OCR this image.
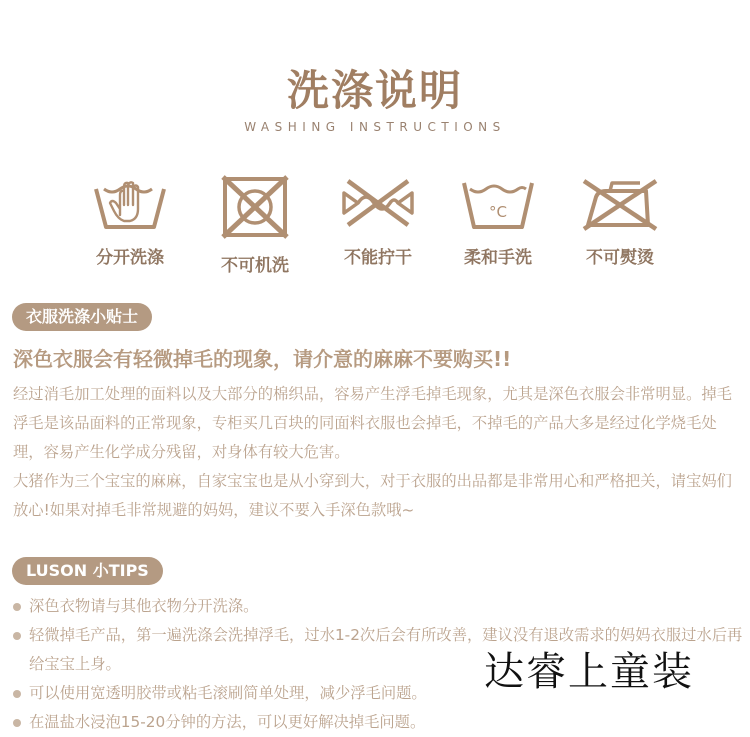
洗涤说明
WASHING INSTRUCTIONS
分开洗涤	不可机洗	不能拧干
°C
柔和手洗	不可熨烫
衣服洗涤小贴士
深色衣服会有轻微掉毛的现象，请介意的麻麻不要购买!!
经过消毛加工处理的面料以及大部分的棉织品，容易产生浮毛掉毛现象，尤其是深色衣服会非常明显。掉毛浮毛是该品面料的正常现象，专柜买几百块的同面料衣服也会掉毛，不掉毛的产品大多是经过化学烧毛处理，容易产生化学成分残留，对身体有较大危害。
大猪作为三个宝宝的麻麻，自家宝宝也是从小穿到大，对于衣服的出品都是非常用心和严格把关，请宝妈们放心!如果对掉毛非常规避的妈妈，建议不要入手深色款哦~
LUSON 小TIPS
深色衣物请与其他衣物分开洗涤。
轻微掉毛产品，第一遍洗涤会洗掉浮毛，过水1-2次后会有所改善，建议没有退改需求的妈妈衣服过水后再给宝宝上身。
可以使用宽透明胶带或粘毛滚刷简单处理，减少浮毛问题。
在温盐水浸泡15-20分钟的方法，可以更好解决掉毛问题。
达睿上童装
